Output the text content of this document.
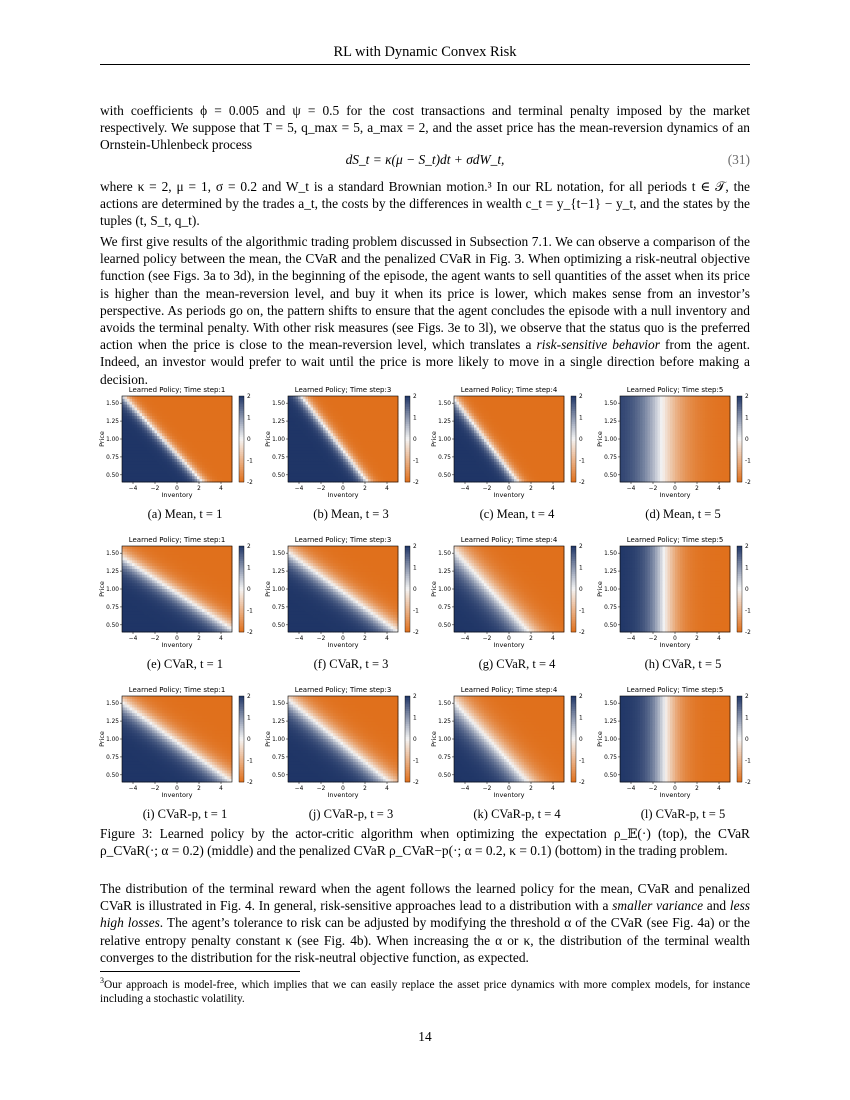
RL with Dynamic Convex Risk

with coefficients ϕ = 0.005 and ψ = 0.5 for the cost transactions and terminal penalty imposed by the market respectively. We suppose that T = 5, q_max = 5, a_max = 2, and the asset price has the mean-reversion dynamics of an Ornstein-Uhlenbeck process

dS_t = κ(μ − S_t)dt + σdW_t,	(31)

where κ = 2, μ = 1, σ = 0.2 and W_t is a standard Brownian motion.³ In our RL notation, for all periods t ∈ 𝒯, the actions are determined by the trades a_t, the costs by the differences in wealth c_t = y_{t−1} − y_t, and the states by the tuples (t, S_t, q_t).

We first give results of the algorithmic trading problem discussed in Subsection 7.1. We can observe a comparison of the learned policy between the mean, the CVaR and the penalized CVaR in Fig. 3. When optimizing a risk-neutral objective function (see Figs. 3a to 3d), in the beginning of the episode, the agent wants to sell quantities of the asset when its price is higher than the mean-reversion level, and buy it when its price is lower, which makes sense from an investor’s perspective. As periods go on, the pattern shifts to ensure that the agent concludes the episode with a null inventory and avoids the terminal penalty. With other risk measures (see Figs. 3e to 3l), we observe that the status quo is the preferred action when the price is close to the mean-reversion level, which translates a risk-sensitive behavior from the agent. Indeed, an investor would prefer to wait until the price is more likely to move in a single direction before making a decision.

Learned Policy; Time step:1
1.50
1.25
1.00
0.75
0.50
−4 −2	0	2	4
Inventory
Price
2
1
0
-1
-2
(a) Mean, t = 1
Learned Policy; Time step:3
1.50
1.25
1.00
0.75
0.50
−4 −2	0	2	4
Inventory
Price
2
1
0
-1
-2
(b) Mean, t = 3
Learned Policy; Time step:4
1.50
1.25
1.00
0.75
0.50
−4 −2	0	2	4
Inventory
Price
2
1
0
-1
-2
(c) Mean, t = 4
Learned Policy; Time step:5
1.50
1.25
1.00
0.75
0.50
−4 −2	0	2	4
Inventory
Price
2
1
0
-1
-2
(d) Mean, t = 5
Learned Policy; Time step:1
1.50
1.25
1.00
0.75
0.50
−4 −2	0	2	4
Inventory
Price
2
1
0
-1
-2
(e) CVaR, t = 1
Learned Policy; Time step:3
1.50
1.25
1.00
0.75
0.50
−4 −2	0	2	4
Inventory
Price
2
1
0
-1
-2
(f) CVaR, t = 3
Learned Policy; Time step:4
1.50
1.25
1.00
0.75
0.50
−4 −2	0	2	4
Inventory
Price
2
1
0
-1
-2
(g) CVaR, t = 4
Learned Policy; Time step:5
1.50
1.25
1.00
0.75
0.50
−4 −2	0	2	4
Inventory
Price
2
1
0
-1
-2
(h) CVaR, t = 5
Learned Policy; Time step:1
1.50
1.25
1.00
0.75
0.50
−4 −2	0	2	4
Inventory
Price
2
1
0
-1
-2
(i) CVaR-p, t = 1
Learned Policy; Time step:3
1.50
1.25
1.00
0.75
0.50
−4 −2	0	2	4
Inventory
Price
2
1
0
-1
-2
(j) CVaR-p, t = 3
Learned Policy; Time step:4
1.50
1.25
1.00
0.75
0.50
−4 −2	0	2	4
Inventory
Price
2
1
0
-1
-2
(k) CVaR-p, t = 4
Learned Policy; Time step:5
1.50
1.25
1.00
0.75
0.50
−4 −2	0	2	4
Inventory
Price
2
1
0
-1
-2
(l) CVaR-p, t = 5

Figure 3: Learned policy by the actor-critic algorithm when optimizing the expectation ρ_𝔼(·) (top), the CVaR ρ_CVaR(·; α = 0.2) (middle) and the penalized CVaR ρ_CVaR−p(·; α = 0.2, κ = 0.1) (bottom) in the trading problem.

The distribution of the terminal reward when the agent follows the learned policy for the mean, CVaR and penalized CVaR is illustrated in Fig. 4. In general, risk-sensitive approaches lead to a distribution with a smaller variance and less high losses. The agent’s tolerance to risk can be adjusted by modifying the threshold α of the CVaR (see Fig. 4a) or the relative entropy penalty constant κ (see Fig. 4b). When increasing the α or κ, the distribution of the terminal wealth converges to the distribution for the risk-neutral objective function, as expected.

$^3$Our approach is model-free, which implies that we can easily replace the asset price dynamics with more complex models, for instance including a stochastic volatility.

14
